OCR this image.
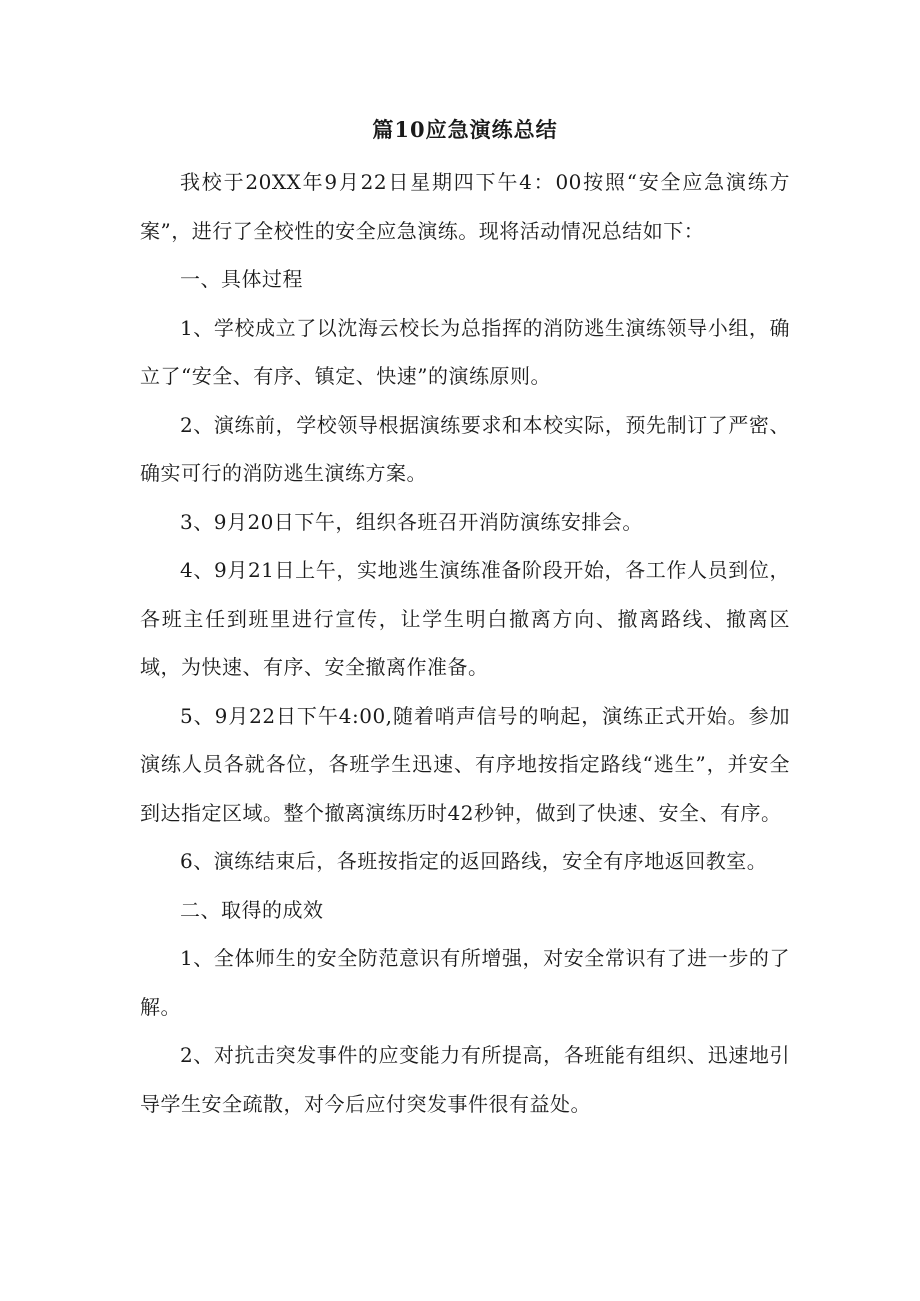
篇10应急演练总结

我校于20XX年9月22日星期四下午4：00按照“安全应急演练方案”，进行了全校性的安全应急演练。现将活动情况总结如下：

一、具体过程

1、学校成立了以沈海云校长为总指挥的消防逃生演练领导小组，确立了“安全、有序、镇定、快速”的演练原则。

2、演练前，学校领导根据演练要求和本校实际，预先制订了严密、确实可行的消防逃生演练方案。

3、9月20日下午，组织各班召开消防演练安排会。

4、9月21日上午，实地逃生演练准备阶段开始，各工作人员到位，各班主任到班里进行宣传，让学生明白撤离方向、撤离路线、撤离区域，为快速、有序、安全撤离作准备。

5、9月22日下午4:00,随着哨声信号的响起，演练正式开始。参加演练人员各就各位，各班学生迅速、有序地按指定路线“逃生”，并安全到达指定区域。整个撤离演练历时42秒钟，做到了快速、安全、有序。

6、演练结束后，各班按指定的返回路线，安全有序地返回教室。

二、取得的成效

1、全体师生的安全防范意识有所增强，对安全常识有了进一步的了解。

2、对抗击突发事件的应变能力有所提高，各班能有组织、迅速地引导学生安全疏散，对今后应付突发事件很有益处。
